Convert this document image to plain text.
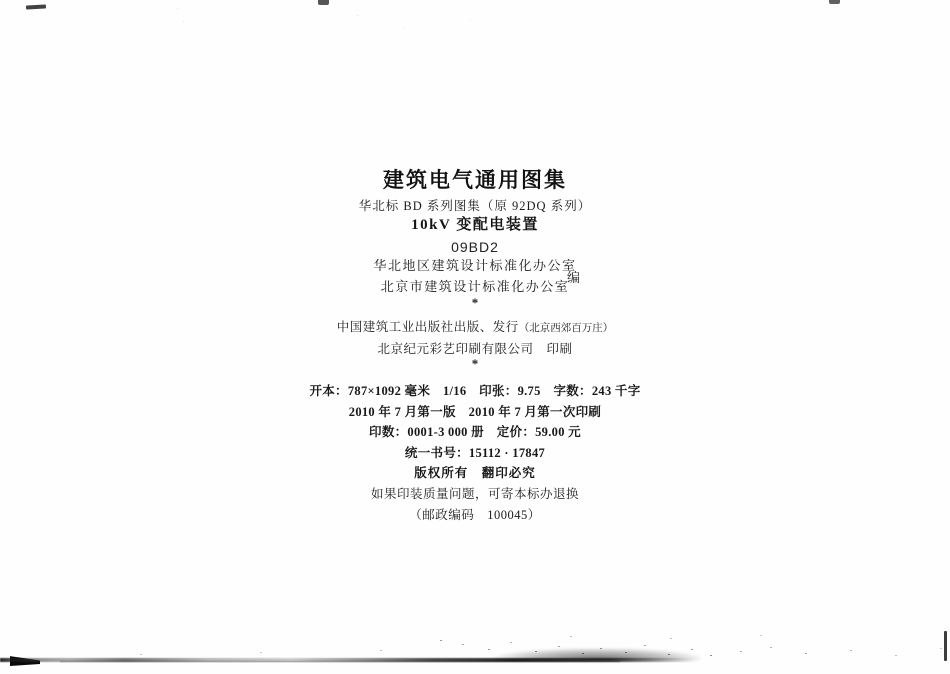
建筑电气通用图集
华北标 BD 系列图集（原 92DQ 系列）
10kV 变配电装置
09BD2
华北地区建筑设计标准化办公室
北京市建筑设计标准化办公室
编
*
中国建筑工业出版社出版、发行（北京西郊百万庄）
北京纪元彩艺印刷有限公司　印刷
*
开本：787×1092 毫米　1/16　印张：9.75　字数：243 千字
2010 年 7 月第一版　2010 年 7 月第一次印刷
印数：0001-3 000 册　定价：59.00 元
统一书号：15112 · 17847
版权所有　翻印必究
如果印装质量问题，可寄本标办退换
（邮政编码　100045）
